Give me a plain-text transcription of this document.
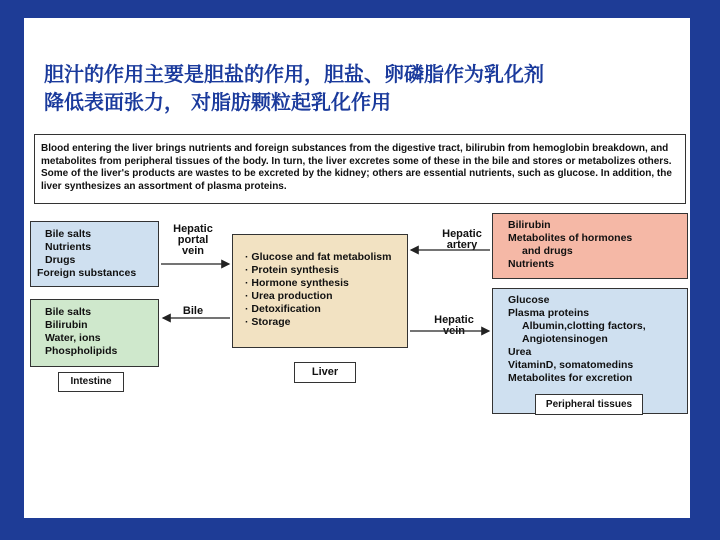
胆汁的作用主要是胆盐的作用，胆盐、卵磷脂作为乳化剂
降低表面张力， 对脂肪颗粒起乳化作用
Blood entering the liver brings nutrients and foreign substances from the digestive tract, bilirubin from hemoglobin breakdown, and metabolites from peripheral tissues of the body. In turn, the liver excretes some of these in the bile and stores or metabolizes others. Some of the liver's products are wastes to be excreted by the kidney; others are essential nutrients, such as glucose. In addition, the liver synthesizes an assortment of plasma proteins.
Bile salts
Nutrients
Drugs
Foreign substances
Bile salts
Bilirubin
Water, ions
Phospholipids
· Glucose and fat metabolism
· Protein synthesis
· Hormone synthesis
· Urea production
· Detoxification
· Storage
Bilirubin
Metabolites of hormones
and drugs
Nutrients
Glucose
Plasma proteins
Albumin,clotting factors,
Angiotensinogen
Urea
VitaminD, somatomedins
Metabolites for excretion
Intestine
Liver
Peripheral tissues
Hepatic
portal
vein
Bile
Hepatic
artery
Hepatic
vein
